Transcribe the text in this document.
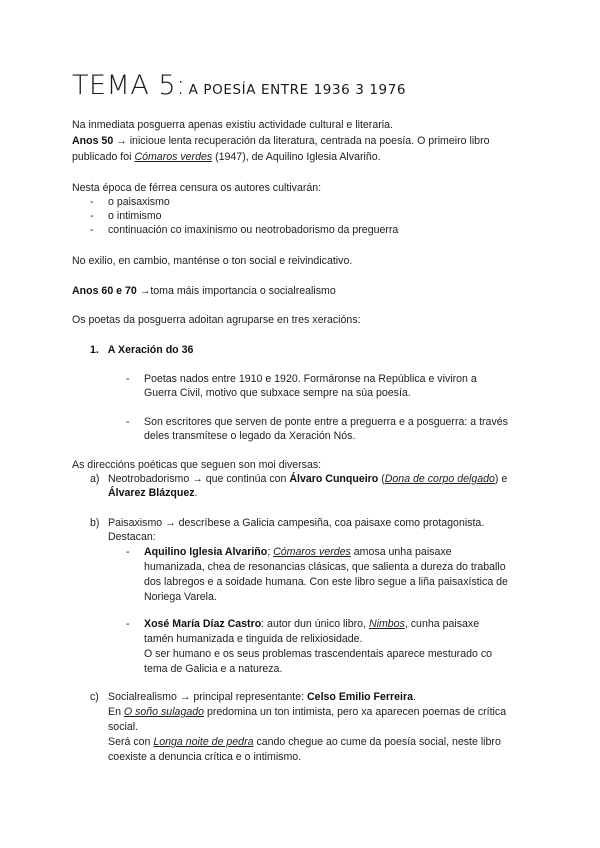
TEMA 5: A POESÍA ENTRE 1936 3 1976
Na inmediata posguerra apenas existiu actividade cultural e literaria.
Anos 50 → inicioue lenta recuperación da literatura, centrada na poesía. O primeiro libro
publicado foi Cómaros verdes (1947), de Aquilino Iglesia Alvariño.
Nesta época de férrea censura os autores cultivarán:
- o paisaxismo
- o intimismo
- continuación co imaxinismo ou neotrobadorismo da preguerra
No exilio, en cambio, manténse o ton social e reivindicativo.
Anos 60 e 70 →toma máis importancia o socialrealismo
Os poetas da posguerra adoitan agruparse en tres xeracións:
1. A Xeración do 36
- Poetas nados entre 1910 e 1920. Formáronse na República e viviron a
Guerra Civil, motivo que subxace sempre na súa poesía.
- Son escritores que serven de ponte entre a preguerra e a posguerra: a través
deles transmítese o legado da Xeración Nós.
As direccións poéticas que seguen son moi diversas:
a) Neotrobadorismo → que continúa con Álvaro Cunqueiro (Dona de corpo delgado) e
Álvarez Blázquez.
b) Paisaxismo → descríbese a Galicia campesiña, coa paisaxe como protagonista.
Destacan:
- Aquilino Iglesia Alvariño; Cómaros verdes amosa unha paisaxe
humanizada, chea de resonancias clásicas, que salienta a dureza do traballo
dos labregos e a soidade humana. Con este libro segue a liña paisaxística de
Noriega Varela.
- Xosé María Díaz Castro: autor dun único libro, Nimbos, cunha paisaxe
tamén humanizada e tinguida de relixiosidade.
O ser humano e os seus problemas trascendentais aparece mesturado co
tema de Galicia e a natureza.
c) Socialrealismo → principal representante: Celso Emilio Ferreira.
En O soño sulagado predomina un ton intimista, pero xa aparecen poemas de crítica
social.
Será con Longa noite de pedra cando chegue ao cume da poesía social, neste libro
coexiste a denuncia crítica e o intimismo.
